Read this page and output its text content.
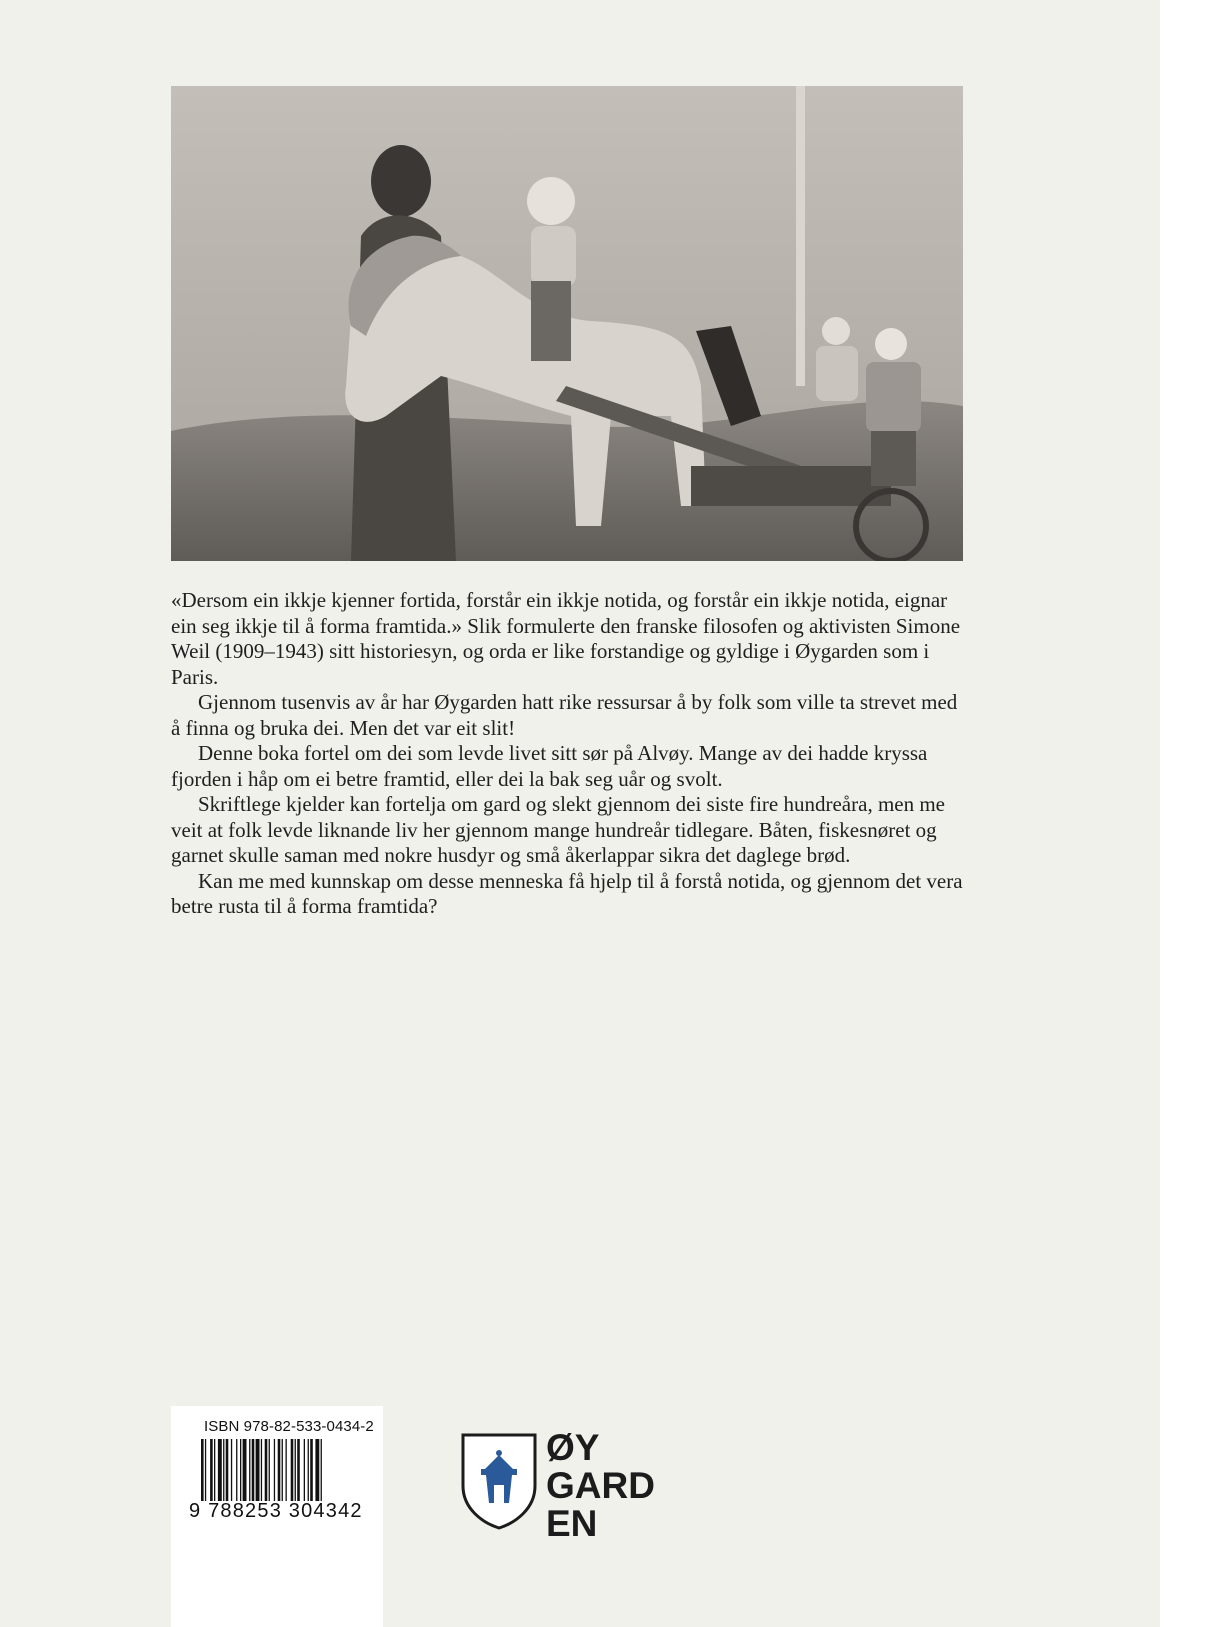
«Dersom ein ikkje kjenner fortida, forstår ein ikkje notida, og forstår ein ikkje notida, eignar ein seg ikkje til å forma framtida.» Slik formulerte den franske filosofen og aktivisten Simone Weil (1909–1943) sitt historiesyn, og orda er like forstandige og gyldige i Øygarden som i Paris.

Gjennom tusenvis av år har Øygarden hatt rike ressursar å by folk som ville ta strevet med å finna og bruka dei. Men det var eit slit!

Denne boka fortel om dei som levde livet sitt sør på Alvøy. Mange av dei hadde kryssa fjorden i håp om ei betre framtid, eller dei la bak seg uår og svolt.

Skriftlege kjelder kan fortelja om gard og slekt gjennom dei siste fire hundreåra, men me veit at folk levde liknande liv her gjennom mange hundreår tidlegare. Båten, fiskesnøret og garnet skulle saman med nokre husdyr og små åkerlappar sikra det daglege brød.

Kan me med kunnskap om desse menneska få hjelp til å forstå notida, og gjennom det vera betre rusta til å forma framtida?

ØY
GARD
EN
ISBN 978-82-533-0434-2
9 788253 304342
